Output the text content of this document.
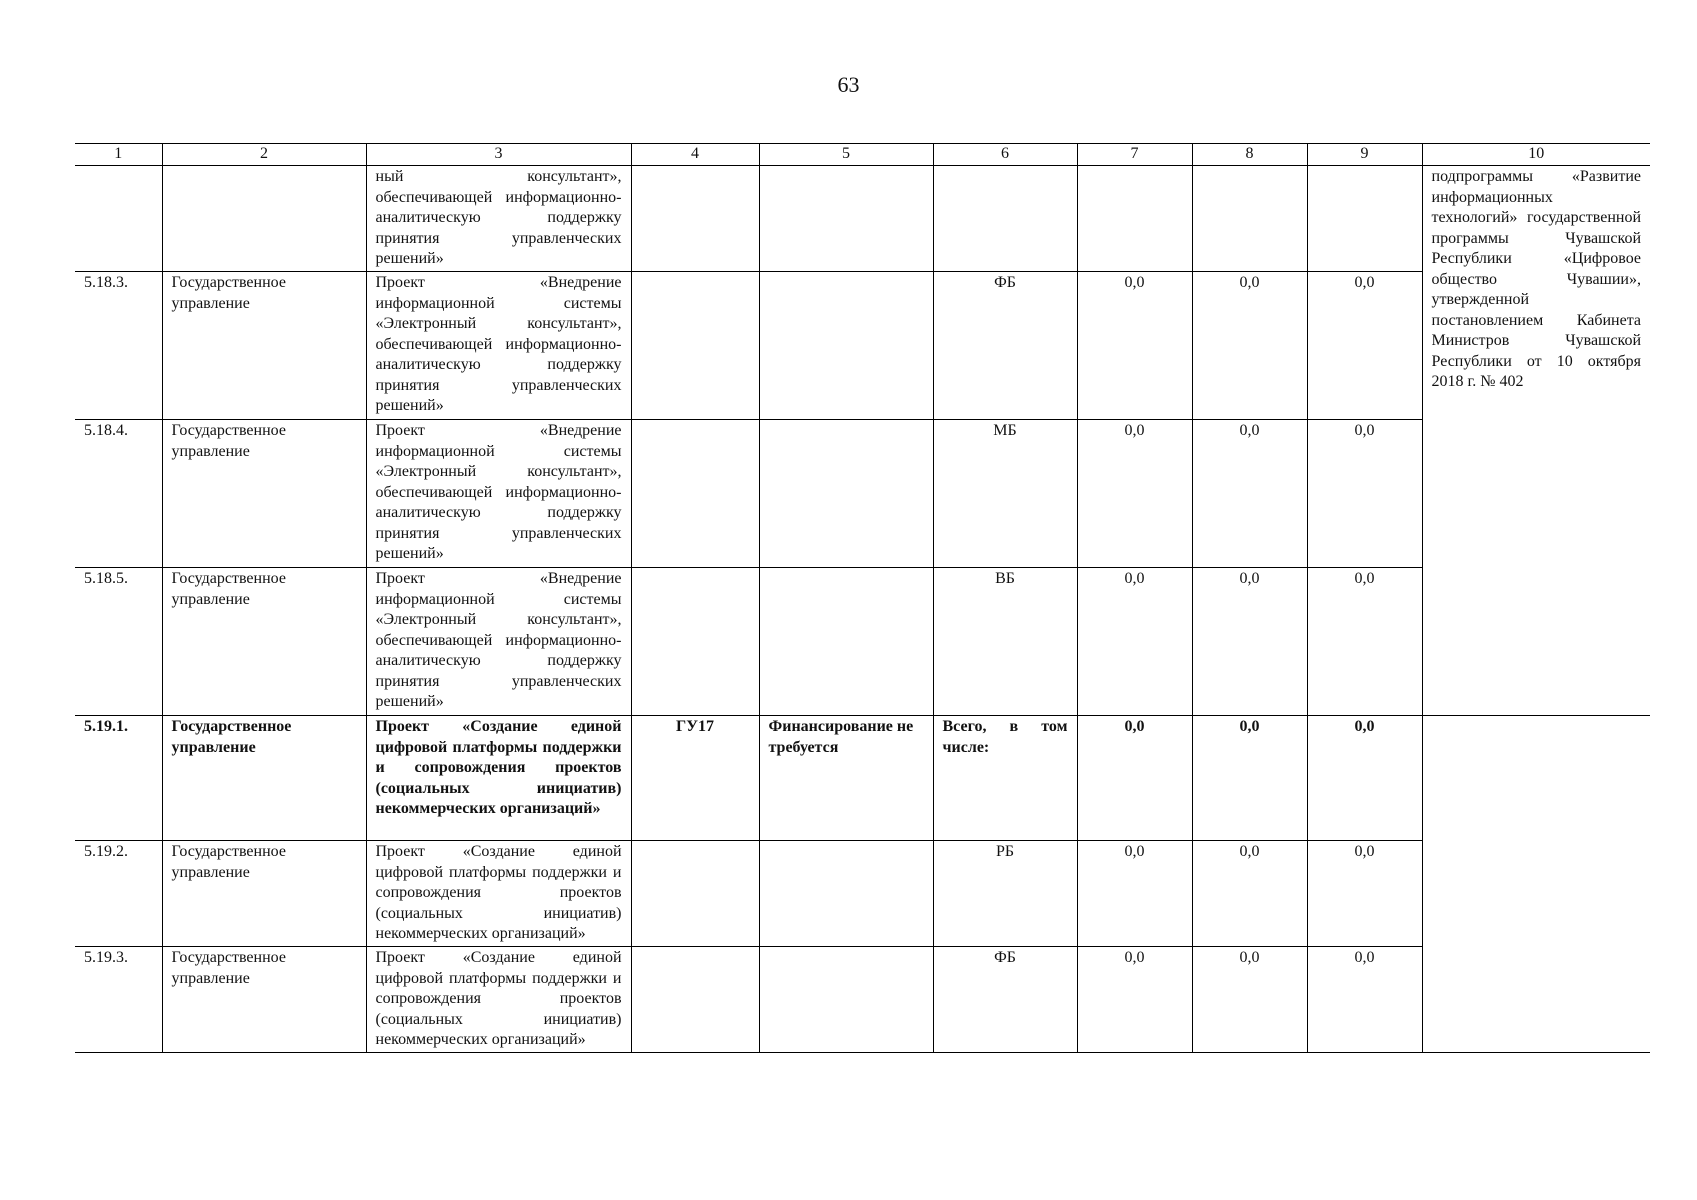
63
1	2	3	4	5	6	7	8	9	10
		ный консультант», обеспечивающей информационно-аналитическую поддержку принятия управленческих решений»							подпрограммы «Развитие информационных технологий» государственной программы Чувашской Республики «Цифровое общество Чувашии», утвержденной постановлением Кабинета Министров Чувашской Республики от 10 октября 2018 г. № 402
5.18.3.	Государственное управление	Проект «Внедрение информационной системы «Электронный консультант», обеспечивающей информационно-аналитическую поддержку принятия управленческих решений»			ФБ	0,0	0,0	0,0	
5.18.4.	Государственное управление	Проект «Внедрение информационной системы «Электронный консультант», обеспечивающей информационно-аналитическую поддержку принятия управленческих решений»			МБ	0,0	0,0	0,0	
5.18.5.	Государственное управление	Проект «Внедрение информационной системы «Электронный консультант», обеспечивающей информационно-аналитическую поддержку принятия управленческих решений»			ВБ	0,0	0,0	0,0	
5.19.1.	Государственное управление	Проект «Создание единой цифровой платформы поддержки и сопровождения проектов (социальных инициатив) некоммерческих организаций»	ГУ17	Финансирование не требуется	Всего, в том числе:	0,0	0,0	0,0	
5.19.2.	Государственное управление	Проект «Создание единой цифровой платформы поддержки и сопровождения проектов (социальных инициатив) некоммерческих организаций»			РБ	0,0	0,0	0,0	
5.19.3.	Государственное управление	Проект «Создание единой цифровой платформы поддержки и сопровождения проектов (социальных инициатив) некоммерческих организаций»			ФБ	0,0	0,0	0,0	
